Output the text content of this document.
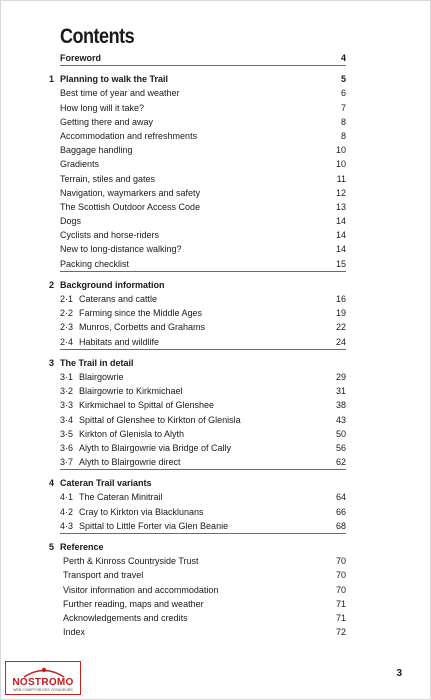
Contents
Foreword	4
1 Planning to walk the Trail	5
Best time of year and weather	6
How long will it take?	7
Getting there and away	8
Accommodation and refreshments	8
Baggage handling	10
Gradients	10
Terrain, stiles and gates	11
Navigation, waymarkers and safety	12
The Scottish Outdoor Access Code	13
Dogs	14
Cyclists and horse-riders	14
New to long-distance walking?	14
Packing checklist	15
2 Background information
2·1 Caterans and cattle	16
2·2 Farming since the Middle Ages	19
2·3 Munros, Corbetts and Grahams	22
2·4 Habitats and wildlife	24
3 The Trail in detail
3·1 Blairgowrie	29
3·2 Blairgowrie to Kirkmichael	31
3·3 Kirkmichael to Spittal of Glenshee	38
3·4 Spittal of Glenshee to Kirkton of Glenisla	43
3·5 Kirkton of Glenisla to Alyth	50
3·6 Alyth to Blairgowrie via Bridge of Cally	56
3·7 Alyth to Blairgowrie direct	62
4 Cateran Trail variants
4·1 The Cateran Minitrail	64
4·2 Cray to Kirkton via Blacklunans	66
4·3 Spittal to Little Forter via Glen Beanie	68
5 Reference
Perth & Kinross Countryside Trust	70
Transport and travel	70
Visitor information and accommodation	70
Further reading, maps and weather	71
Acknowledgements and credits	71
Index	72
3
NOSTROMO
WEB COMPTOIR DES VOYAGEURS
